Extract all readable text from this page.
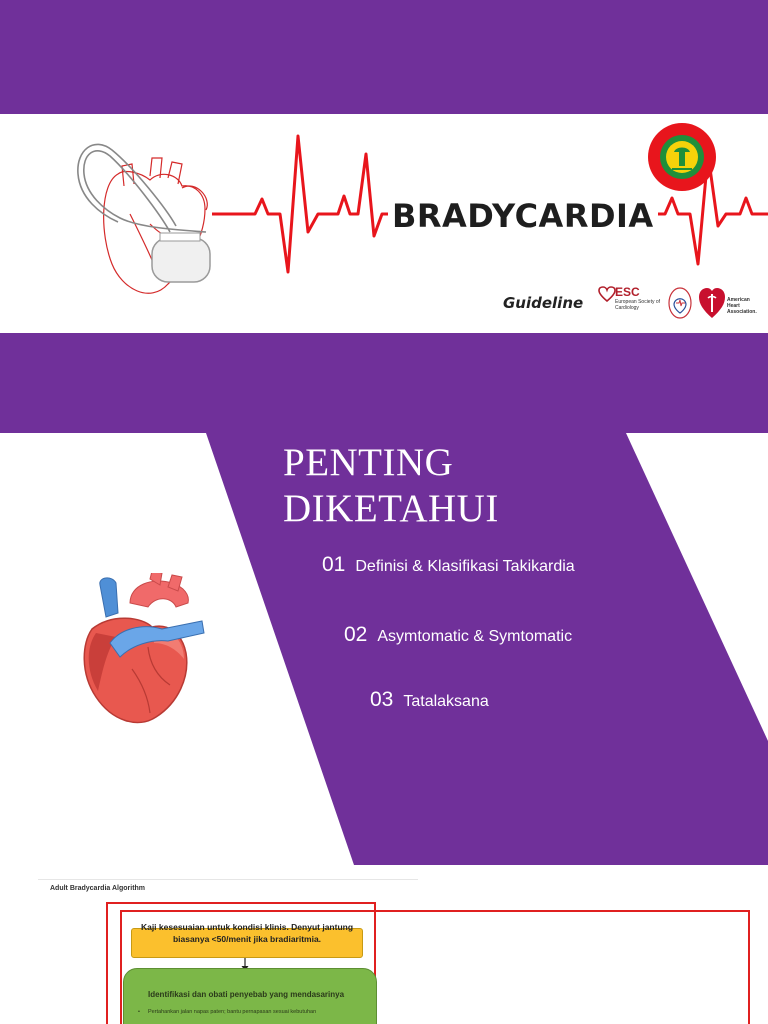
BRADYCARDIA
Guideline
ESC
European Society of Cardiology
American Heart Association.
PENTING
DIKETAHUI
01 Definisi & Klasifikasi Takikardia
02 Asymtomatic & Symtomatic
03 Tatalaksana
Adult Bradycardia Algorithm
Kaji kesesuaian untuk kondisi klinis. Denyut jantung biasanya <50/menit jika bradiaritmia.
Identifikasi dan obati penyebab yang mendasarinya
• Pertahankan jalan napas paten; bantu pernapasan sesuai kebutuhan
